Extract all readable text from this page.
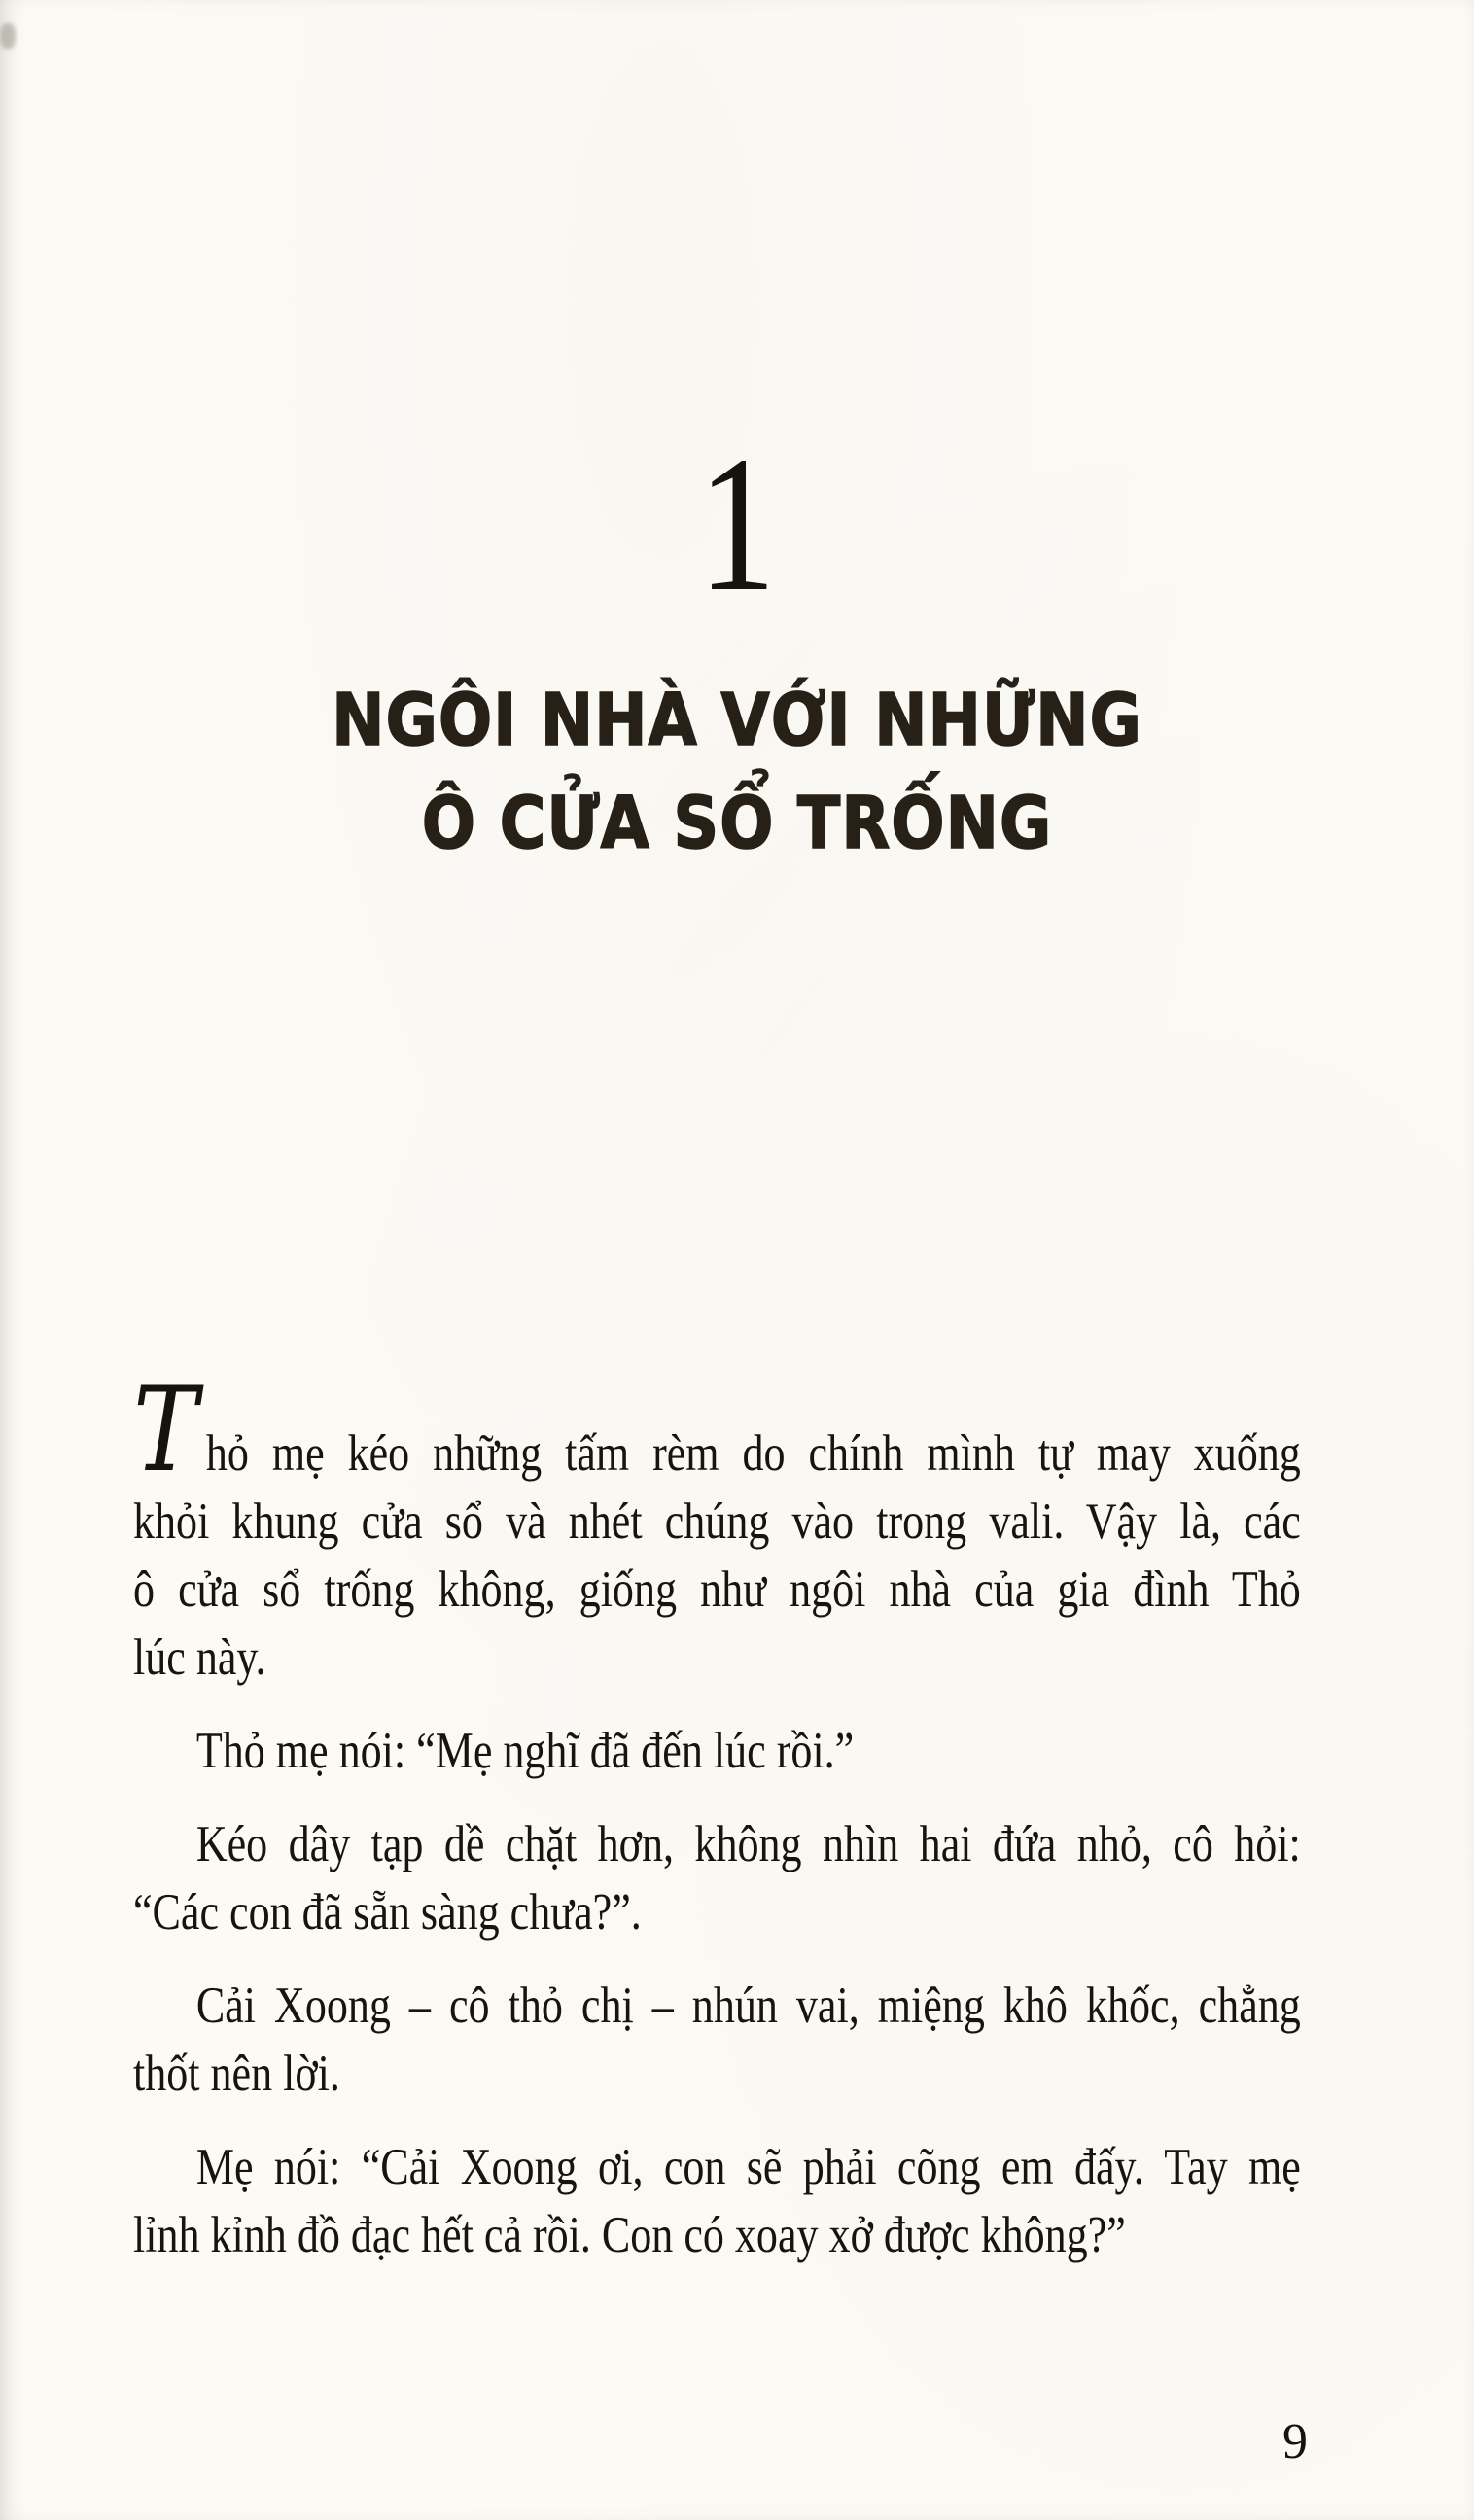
1
NGÔI NHÀ VỚI NHỮNG
Ô CỬA SỔ TRỐNG

Thỏ mẹ kéo những tấm rèm do chính mình tự may xuống
khỏi khung cửa sổ và nhét chúng vào trong vali. Vậy là, các
ô cửa sổ trống không, giống như ngôi nhà của gia đình Thỏ
lúc này.

Thỏ mẹ nói: “Mẹ nghĩ đã đến lúc rồi.”

Kéo dây tạp dề chặt hơn, không nhìn hai đứa nhỏ, cô hỏi:
“Các con đã sẵn sàng chưa?”.

Cải Xoong – cô thỏ chị – nhún vai, miệng khô khốc, chẳng
thốt nên lời.

Mẹ nói: “Cải Xoong ơi, con sẽ phải cõng em đấy. Tay mẹ
lỉnh kỉnh đồ đạc hết cả rồi. Con có xoay xở được không?”

9
